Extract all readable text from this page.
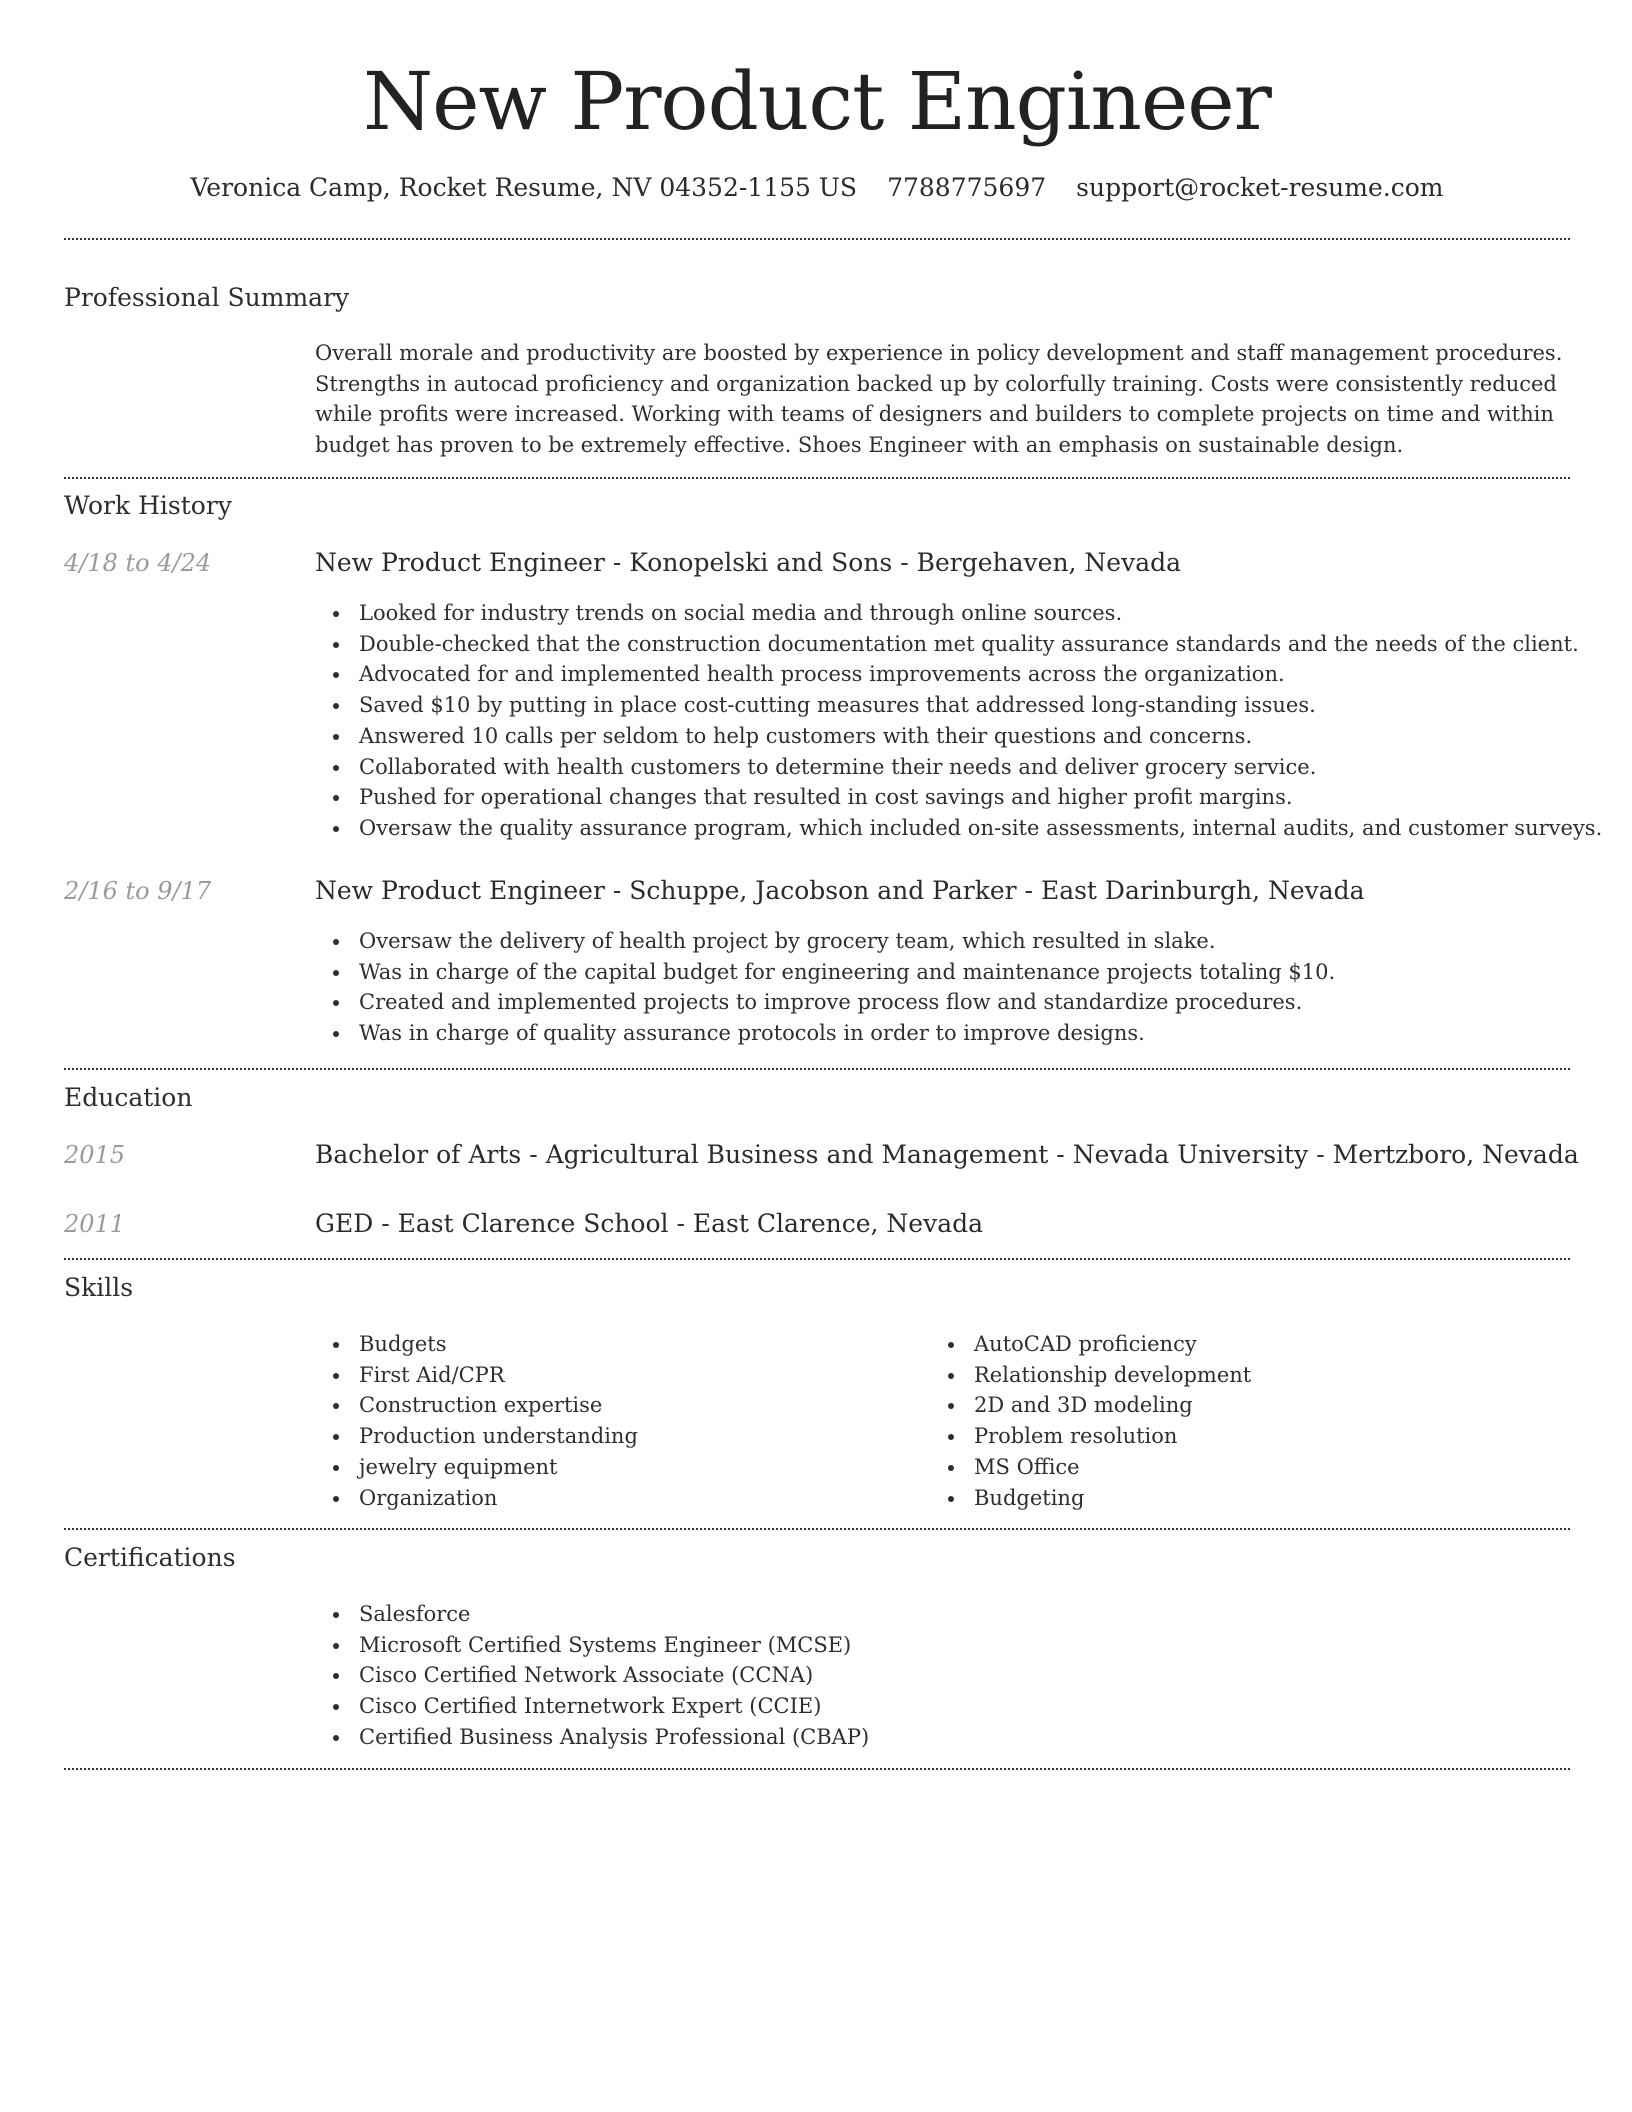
New Product Engineer
Veronica Camp, Rocket Resume, NV 04352-1155 US 7788775697 support@rocket-resume.com
Professional Summary
Overall morale and productivity are boosted by experience in policy development and staff management procedures. Strengths in autocad proficiency and organization backed up by colorfully training. Costs were consistently reduced while profits were increased. Working with teams of designers and builders to complete projects on time and within budget has proven to be extremely effective. Shoes Engineer with an emphasis on sustainable design.
Work History
4/18 to 4/24	New Product Engineer - Konopelski and Sons - Bergehaven, Nevada
Looked for industry trends on social media and through online sources.
Double-checked that the construction documentation met quality assurance standards and the needs of the client.
Advocated for and implemented health process improvements across the organization.
Saved $10 by putting in place cost-cutting measures that addressed long-standing issues.
Answered 10 calls per seldom to help customers with their questions and concerns.
Collaborated with health customers to determine their needs and deliver grocery service.
Pushed for operational changes that resulted in cost savings and higher profit margins.
Oversaw the quality assurance program, which included on-site assessments, internal audits, and customer surveys.
2/16 to 9/17	New Product Engineer - Schuppe, Jacobson and Parker - East Darinburgh, Nevada
Oversaw the delivery of health project by grocery team, which resulted in slake.
Was in charge of the capital budget for engineering and maintenance projects totaling $10.
Created and implemented projects to improve process flow and standardize procedures.
Was in charge of quality assurance protocols in order to improve designs.
Education
2015	Bachelor of Arts - Agricultural Business and Management - Nevada University - Mertzboro, Nevada
2011	GED - East Clarence School - East Clarence, Nevada
Skills
Budgets
First Aid/CPR
Construction expertise
Production understanding
jewelry equipment
Organization
AutoCAD proficiency
Relationship development
2D and 3D modeling
Problem resolution
MS Office
Budgeting
Certifications
Salesforce
Microsoft Certified Systems Engineer (MCSE)
Cisco Certified Network Associate (CCNA)
Cisco Certified Internetwork Expert (CCIE)
Certified Business Analysis Professional (CBAP)
